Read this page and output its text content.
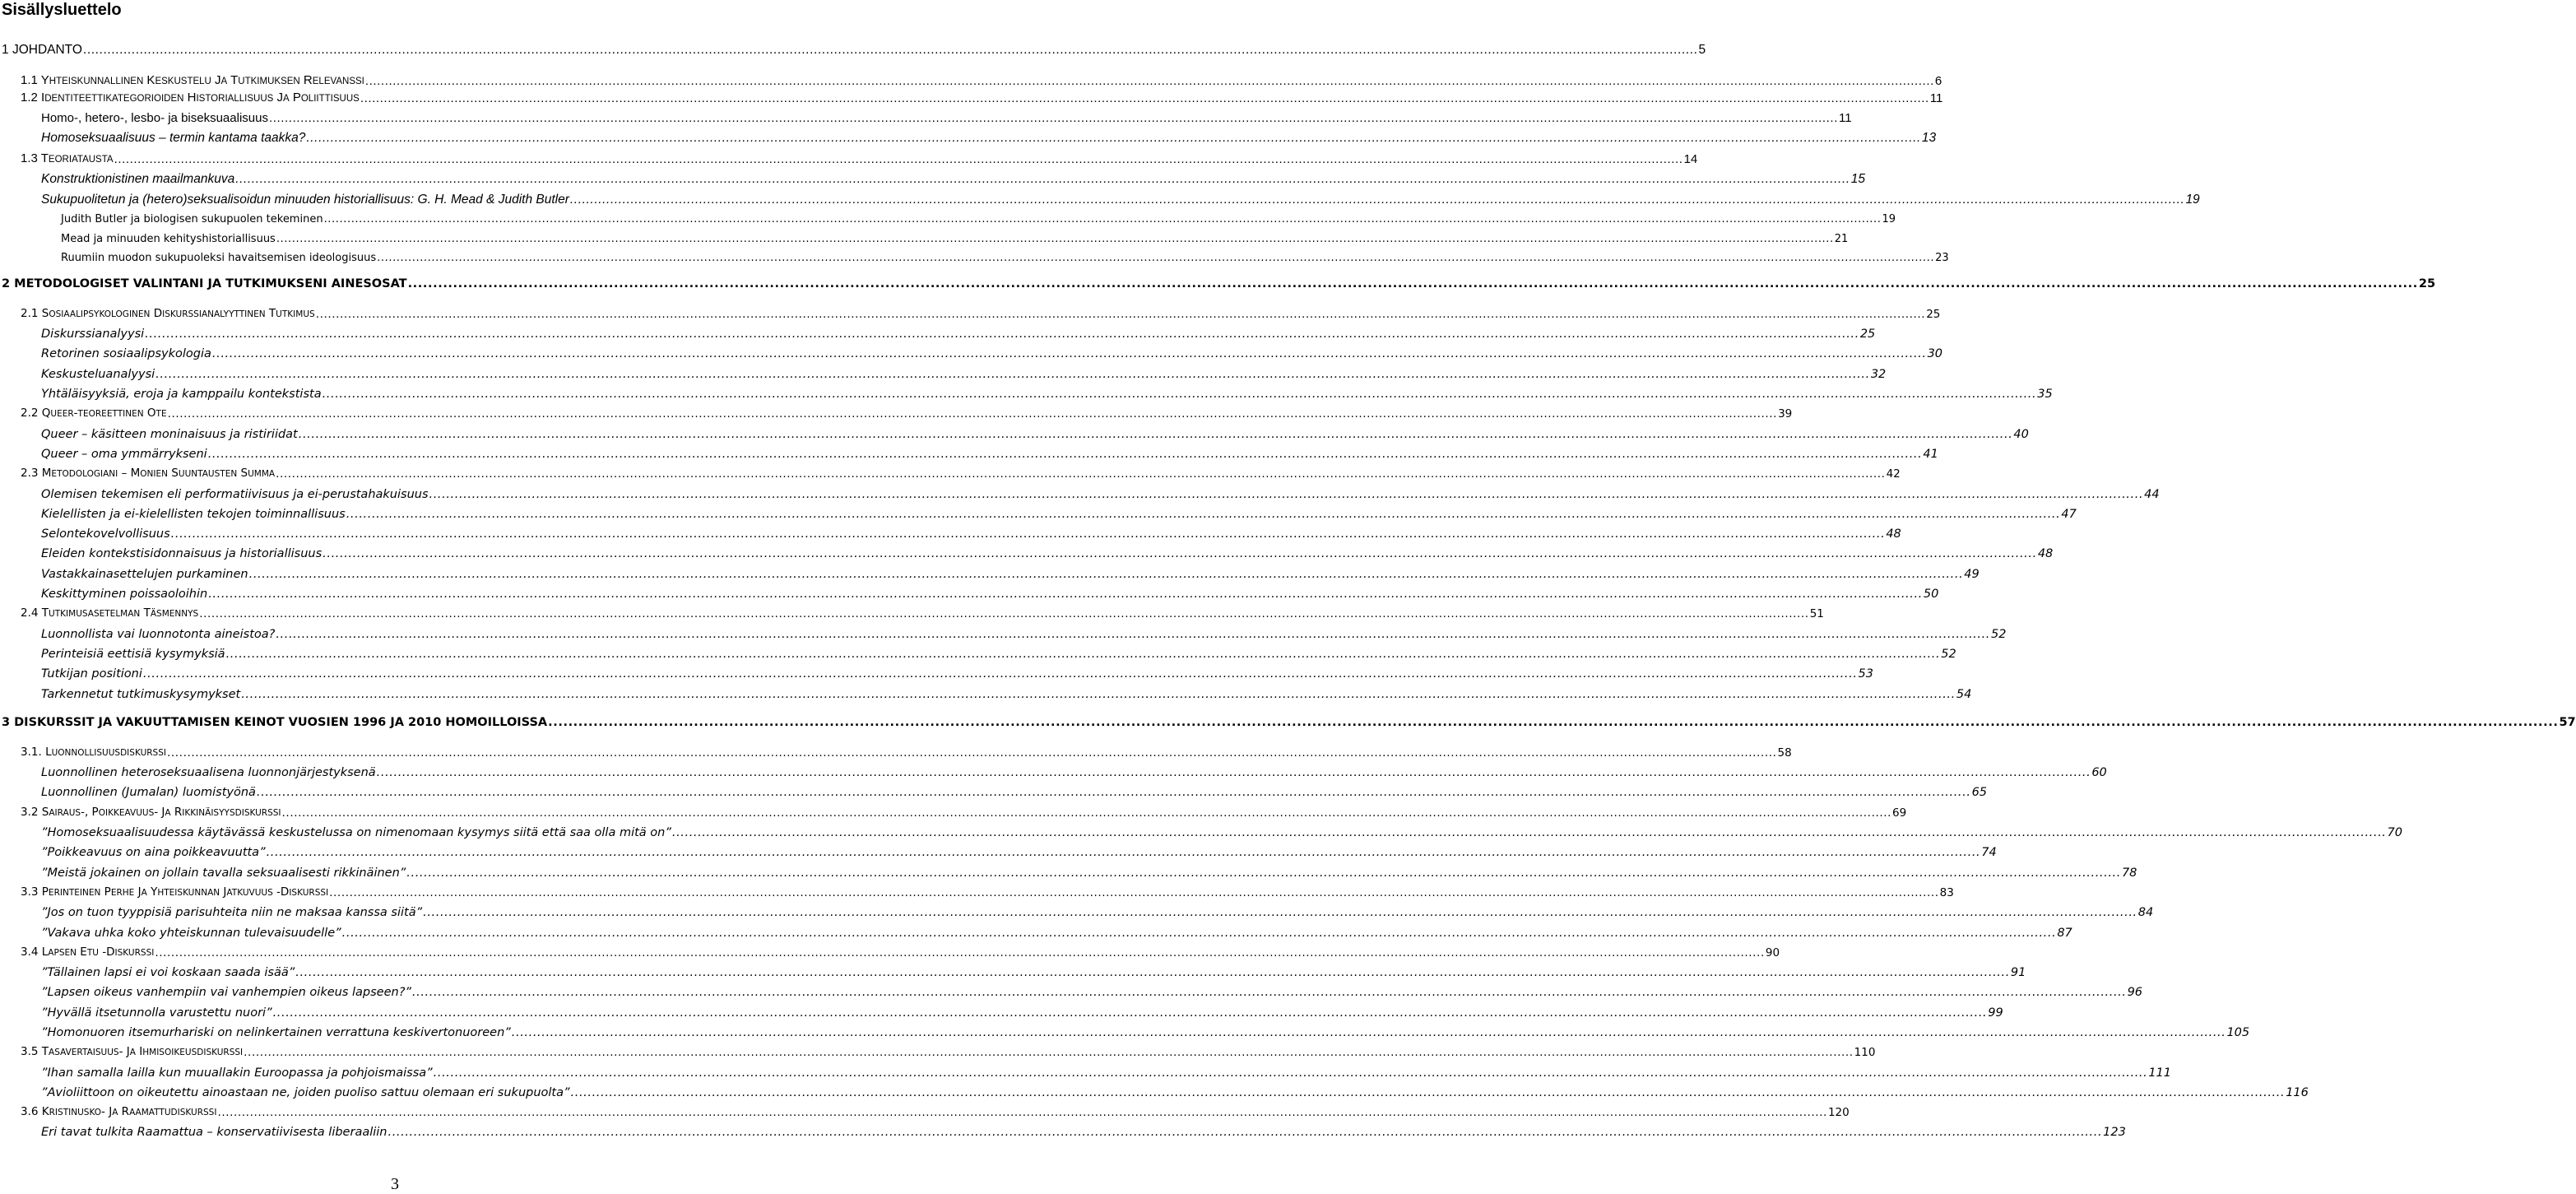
Sisällysluettelo
1 JOHDANTO ................................................................................................................................................................................................................................................................................................................................................................................................................ 5
1.1 YHTEISKUNNALLINEN KESKUSTELU JA TUTKIMUKSEN RELEVANSSI ................................................................................................................................................................................................................................................................................................................................................................................................................ 6
1.2 IDENTITEETTIKATEGORIOIDEN HISTORIALLISUUS JA POLIITTISUUS ................................................................................................................................................................................................................................................................................................................................................................................................................ 11
Homo-, hetero-, lesbo- ja biseksuaalisuus ................................................................................................................................................................................................................................................................................................................................................................................................................ 11
Homoseksuaalisuus – termin kantama taakka? ................................................................................................................................................................................................................................................................................................................................................................................................................ 13
1.3 TEORIATAUSTA ................................................................................................................................................................................................................................................................................................................................................................................................................ 14
Konstruktionistinen maailmankuva ................................................................................................................................................................................................................................................................................................................................................................................................................ 15
Sukupuolitetun ja (hetero)seksualisoidun minuuden historiallisuus: G. H. Mead & Judith Butler ................................................................................................................................................................................................................................................................................................................................................................................................................ 19
Judith Butler ja biologisen sukupuolen tekeminen ................................................................................................................................................................................................................................................................................................................................................................................................................ 19
Mead ja minuuden kehityshistoriallisuus ................................................................................................................................................................................................................................................................................................................................................................................................................ 21
Ruumiin muodon sukupuoleksi havaitsemisen ideologisuus ................................................................................................................................................................................................................................................................................................................................................................................................................ 23
2 METODOLOGISET VALINTANI JA TUTKIMUKSENI AINESOSAT ................................................................................................................................................................................................................................................................................................................................................................................................................ 25
2.1 SOSIAALIPSYKOLOGINEN DISKURSSIANALYYTTINEN TUTKIMUS ................................................................................................................................................................................................................................................................................................................................................................................................................ 25
Diskurssianalyysi ................................................................................................................................................................................................................................................................................................................................................................................................................ 25
Retorinen sosiaalipsykologia ................................................................................................................................................................................................................................................................................................................................................................................................................ 30
Keskusteluanalyysi ................................................................................................................................................................................................................................................................................................................................................................................................................ 32
Yhtäläisyyksiä, eroja ja kamppailu kontekstista ................................................................................................................................................................................................................................................................................................................................................................................................................ 35
2.2 QUEER-TEOREETTINEN OTE ................................................................................................................................................................................................................................................................................................................................................................................................................ 39
Queer – käsitteen moninaisuus ja ristiriidat ................................................................................................................................................................................................................................................................................................................................................................................................................ 40
Queer – oma ymmärrykseni ................................................................................................................................................................................................................................................................................................................................................................................................................ 41
2.3 METODOLOGIANI – MONIEN SUUNTAUSTEN SUMMA ................................................................................................................................................................................................................................................................................................................................................................................................................ 42
Olemisen tekemisen eli performatiivisuus ja ei-perustahakuisuus ................................................................................................................................................................................................................................................................................................................................................................................................................ 44
Kielellisten ja ei-kielellisten tekojen toiminnallisuus ................................................................................................................................................................................................................................................................................................................................................................................................................ 47
Selontekovelvollisuus ................................................................................................................................................................................................................................................................................................................................................................................................................ 48
Eleiden kontekstisidonnaisuus ja historiallisuus ................................................................................................................................................................................................................................................................................................................................................................................................................ 48
Vastakkainasettelujen purkaminen ................................................................................................................................................................................................................................................................................................................................................................................................................ 49
Keskittyminen poissaoloihin ................................................................................................................................................................................................................................................................................................................................................................................................................ 50
2.4 TUTKIMUSASETELMAN TÄSMENNYS ................................................................................................................................................................................................................................................................................................................................................................................................................ 51
Luonnollista vai luonnotonta aineistoa? ................................................................................................................................................................................................................................................................................................................................................................................................................ 52
Perinteisiä eettisiä kysymyksiä ................................................................................................................................................................................................................................................................................................................................................................................................................ 52
Tutkijan positioni ................................................................................................................................................................................................................................................................................................................................................................................................................ 53
Tarkennetut tutkimuskysymykset ................................................................................................................................................................................................................................................................................................................................................................................................................ 54
3 DISKURSSIT JA VAKUUTTAMISEN KEINOT VUOSIEN 1996 JA 2010 HOMOILLOISSA ................................................................................................................................................................................................................................................................................................................................................................................................................ 57
3.1. LUONNOLLISUUSDISKURSSI ................................................................................................................................................................................................................................................................................................................................................................................................................ 58
Luonnollinen heteroseksuaalisena luonnonjärjestyksenä ................................................................................................................................................................................................................................................................................................................................................................................................................ 60
Luonnollinen (Jumalan) luomistyönä ................................................................................................................................................................................................................................................................................................................................................................................................................ 65
3.2 SAIRAUS-, POIKKEAVUUS- JA RIKKINÄISYYSDISKURSSI ................................................................................................................................................................................................................................................................................................................................................................................................................ 69
”Homoseksuaalisuudessa käytävässä keskustelussa on nimenomaan kysymys siitä että saa olla mitä on” ................................................................................................................................................................................................................................................................................................................................................................................................................ 70
”Poikkeavuus on aina poikkeavuutta” ................................................................................................................................................................................................................................................................................................................................................................................................................ 74
”Meistä jokainen on jollain tavalla seksuaalisesti rikkinäinen” ................................................................................................................................................................................................................................................................................................................................................................................................................ 78
3.3 PERINTEINEN PERHE JA YHTEISKUNNAN JATKUVUUS -DISKURSSI ................................................................................................................................................................................................................................................................................................................................................................................................................ 83
”Jos on tuon tyyppisiä parisuhteita niin ne maksaa kanssa siitä” ................................................................................................................................................................................................................................................................................................................................................................................................................ 84
”Vakava uhka koko yhteiskunnan tulevaisuudelle” ................................................................................................................................................................................................................................................................................................................................................................................................................ 87
3.4 LAPSEN ETU -DISKURSSI ................................................................................................................................................................................................................................................................................................................................................................................................................ 90
”Tällainen lapsi ei voi koskaan saada isää” ................................................................................................................................................................................................................................................................................................................................................................................................................ 91
”Lapsen oikeus vanhempiin vai vanhempien oikeus lapseen?” ................................................................................................................................................................................................................................................................................................................................................................................................................ 96
”Hyvällä itsetunnolla varustettu nuori” ................................................................................................................................................................................................................................................................................................................................................................................................................ 99
”Homonuoren itsemurhariski on nelinkertainen verrattuna keskivertonuoreen” ................................................................................................................................................................................................................................................................................................................................................................................................................ 105
3.5 TASAVERTAISUUS- JA IHMISOIKEUSDISKURSSI ................................................................................................................................................................................................................................................................................................................................................................................................................ 110
”Ihan samalla lailla kun muuallakin Euroopassa ja pohjoismaissa” ................................................................................................................................................................................................................................................................................................................................................................................................................ 111
”Avioliittoon on oikeutettu ainoastaan ne, joiden puoliso sattuu olemaan eri sukupuolta” ................................................................................................................................................................................................................................................................................................................................................................................................................ 116
3.6 KRISTINUSKO- JA RAAMATTUDISKURSSI ................................................................................................................................................................................................................................................................................................................................................................................................................ 120
Eri tavat tulkita Raamattua – konservatiivisesta liberaaliin ................................................................................................................................................................................................................................................................................................................................................................................................................ 123
3
